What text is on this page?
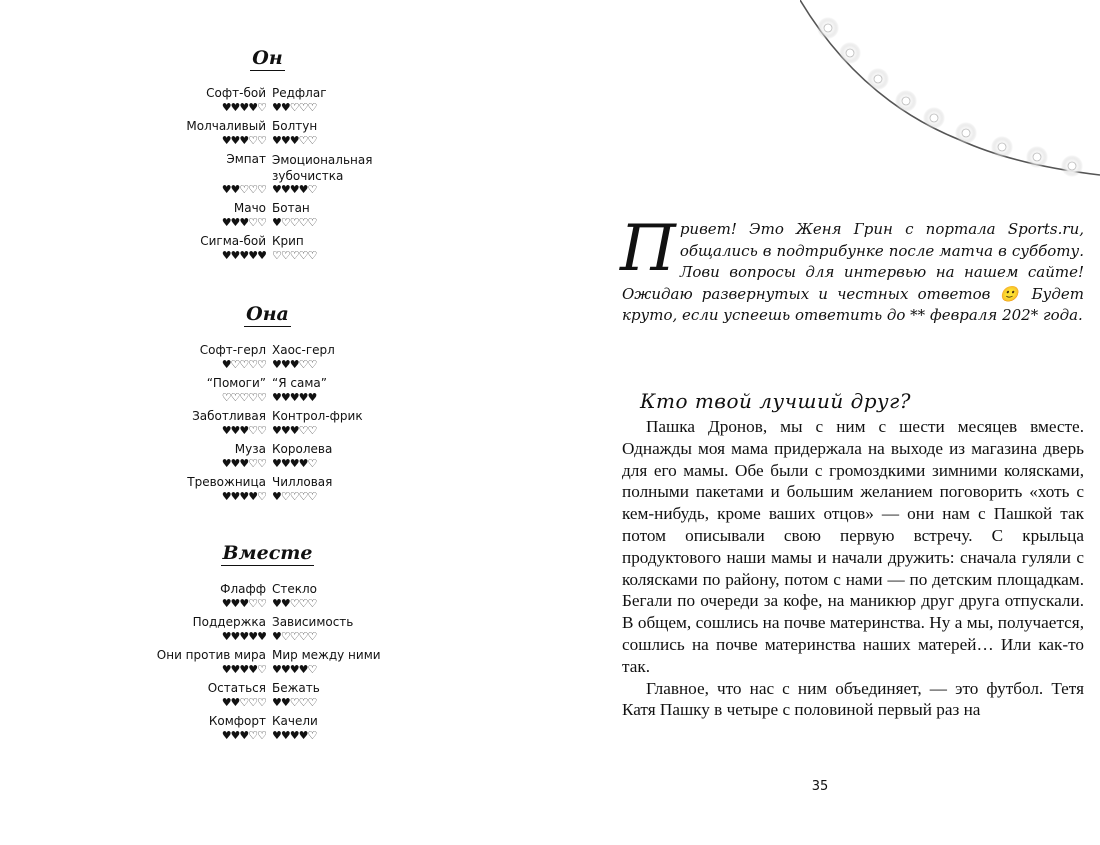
Он
Софт-бой
♥♥♥♥♡
Редфлаг
♥♥♡♡♡
Молчаливый
♥♥♥♡♡
Болтун
♥♥♥♡♡
Эмпат
♥♥♡♡♡
Эмоциональная зубочистка
♥♥♥♥♡
Мачо
♥♥♥♡♡
Ботан
♥♡♡♡♡
Сигма-бой
♥♥♥♥♥
Крип
♡♡♡♡♡
Она
Софт-герл
♥♡♡♡♡
Хаос-герл
♥♥♥♡♡
“Помоги”
♡♡♡♡♡
“Я сама”
♥♥♥♥♥
Заботливая
♥♥♥♡♡
Контрол-фрик
♥♥♥♡♡
Муза
♥♥♥♡♡
Королева
♥♥♥♥♡
Тревожница
♥♥♥♥♡
Чилловая
♥♡♡♡♡
Вместе
Флафф
♥♥♥♡♡
Стекло
♥♥♡♡♡
Поддержка
♥♥♥♥♥
Зависимость
♥♡♡♡♡
Они против мира
♥♥♥♥♡
Мир между ними
♥♥♥♥♡
Остаться
♥♥♡♡♡
Бежать
♥♥♡♡♡
Комфорт
♥♥♥♡♡
Качели
♥♥♥♥♡

Привет! Это Женя Грин с портала Sports.ru, общались в подтрибунке после матча в субботу. Лови вопросы для интервью на нашем сайте! Ожидаю развернутых и честных ответов 🙂 Будет круто, если успеешь ответить до ** февраля 202* года.

Кто твой лучший друг?

Пашка Дронов, мы с ним с шести месяцев вместе. Однажды моя мама придержала на выходе из магазина дверь для его мамы. Обе были с громоздкими зимними колясками, полными пакетами и большим желанием поговорить «хоть с кем-нибудь, кроме ваших отцов» — они нам с Пашкой так потом описывали свою первую встречу. С крыльца продуктового наши мамы и начали дружить: сначала гуляли с колясками по району, потом с нами — по детским площадкам. Бегали по очереди за кофе, на маникюр друг друга отпускали. В общем, сошлись на почве материнства. Ну а мы, получается, сошлись на почве материнства наших матерей… Или как-то так.

Главное, что нас с ним объединяет, — это футбол. Тетя Катя Пашку в четыре с половиной первый раз на

35
